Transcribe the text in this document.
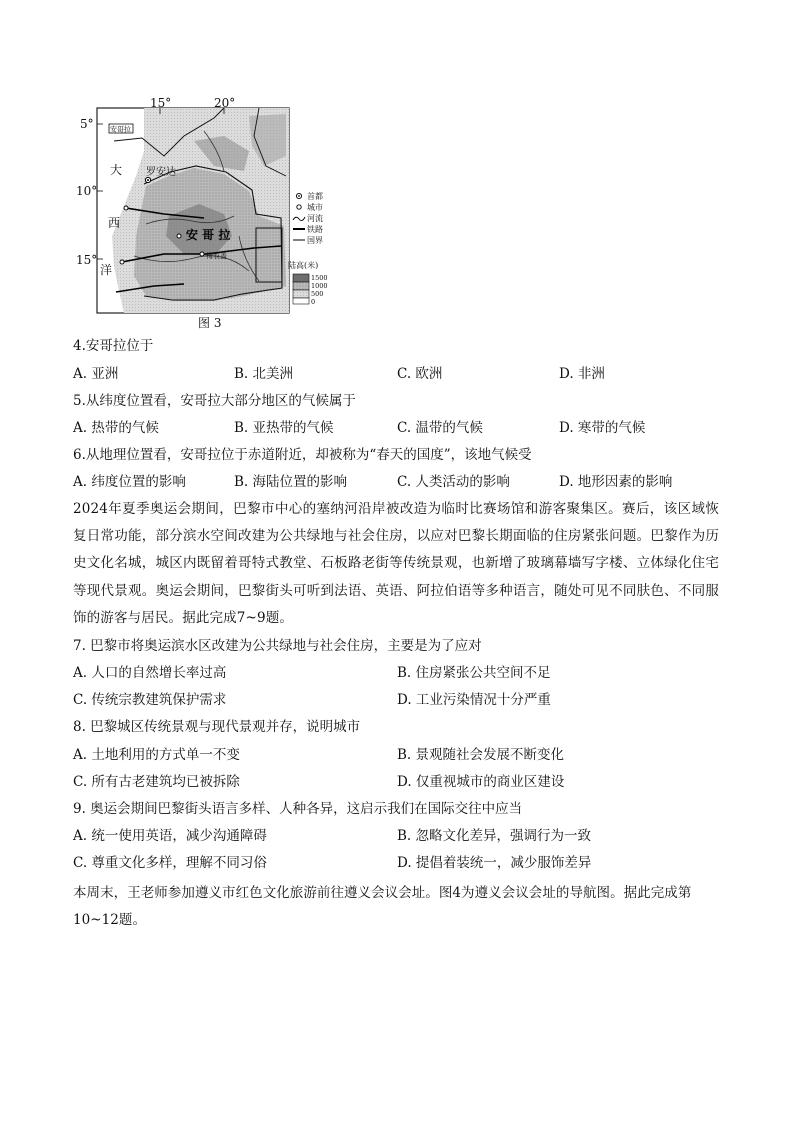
安哥拉
罗安达
安 哥 拉
梅农盖
大
西
洋
15°	20°
5°
10°
15°
首都
城市
河流
铁路
国界
陆高(米)
1500
1000
500
0
图 3
4.安哥拉位于
A. 亚洲	B. 北美洲	C. 欧洲	D. 非洲
5.从纬度位置看，安哥拉大部分地区的气候属于
A. 热带的气候	B. 亚热带的气候	C. 温带的气候	D. 寒带的气候
6.从地理位置看，安哥拉位于赤道附近，却被称为“春天的国度”，该地气候受
A. 纬度位置的影响	B. 海陆位置的影响	C. 人类活动的影响	D. 地形因素的影响
2024年夏季奥运会期间，巴黎市中心的塞纳河沿岸被改造为临时比赛场馆和游客聚集区。赛后，该区域恢复日常功能，部分滨水空间改建为公共绿地与社会住房，以应对巴黎长期面临的住房紧张问题。巴黎作为历史文化名城，城区内既留着哥特式教堂、石板路老街等传统景观，也新增了玻璃幕墙写字楼、立体绿化住宅等现代景观。奥运会期间，巴黎街头可听到法语、英语、阿拉伯语等多种语言，随处可见不同肤色、不同服饰的游客与居民。据此完成7~9题。
7. 巴黎市将奥运滨水区改建为公共绿地与社会住房，主要是为了应对
A. 人口的自然增长率过高	B. 住房紧张公共空间不足
C. 传统宗教建筑保护需求	D. 工业污染情况十分严重
8. 巴黎城区传统景观与现代景观并存，说明城市
A. 土地利用的方式单一不变	B. 景观随社会发展不断变化
C. 所有古老建筑均已被拆除	D. 仅重视城市的商业区建设
9. 奥运会期间巴黎街头语言多样、人种各异，这启示我们在国际交往中应当
A. 统一使用英语，减少沟通障碍	B. 忽略文化差异，强调行为一致
C. 尊重文化多样，理解不同习俗	D. 提倡着装统一，减少服饰差异
本周末，王老师参加遵义市红色文化旅游前往遵义会议会址。图4为遵义会议会址的导航图。据此完成第10~12题。
